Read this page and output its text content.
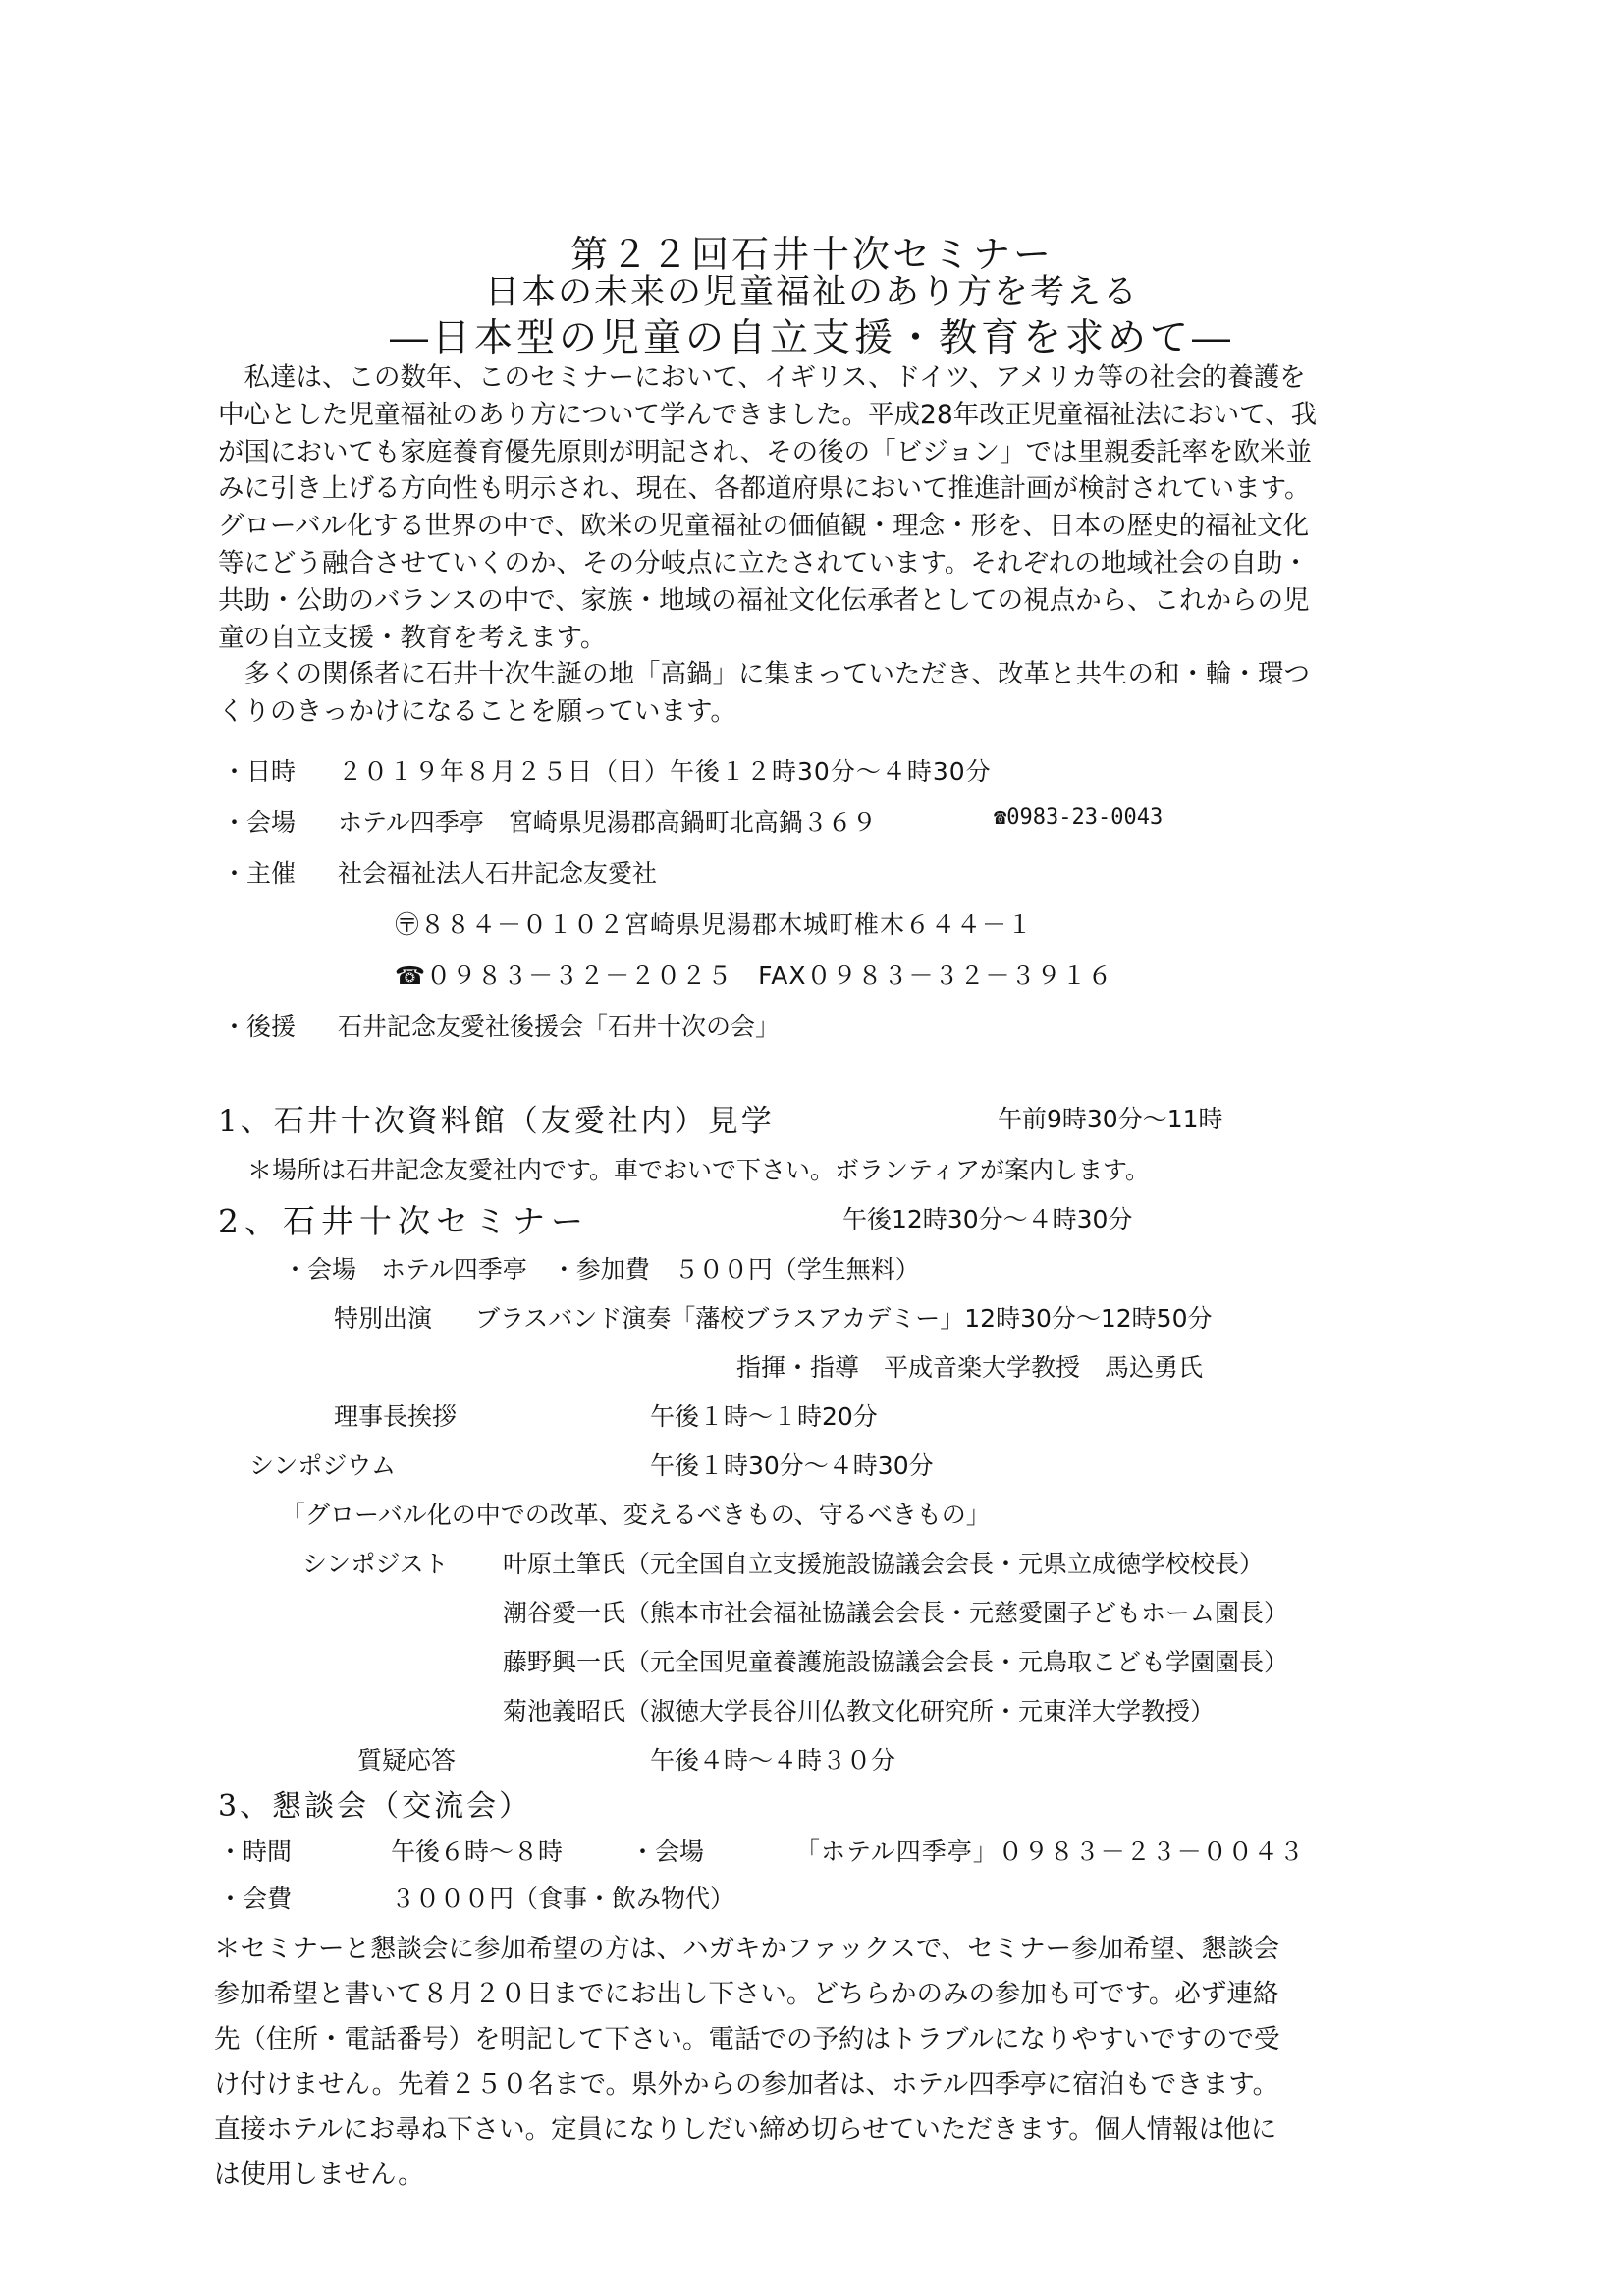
第２２回石井十次セミナー
日本の未来の児童福祉のあり方を考える
―日本型の児童の自立支援・教育を求めて―

　私達は、この数年、このセミナーにおいて、イギリス、ドイツ、アメリカ等の社会的養護を

中心とした児童福祉のあり方について学んできました。平成28年改正児童福祉法において、我

が国においても家庭養育優先原則が明記され、その後の「ビジョン」では里親委託率を欧米並

みに引き上げる方向性も明示され、現在、各都道府県において推進計画が検討されています。

グローバル化する世界の中で、欧米の児童福祉の価値観・理念・形を、日本の歴史的福祉文化

等にどう融合させていくのか、その分岐点に立たされています。それぞれの地域社会の自助・

共助・公助のバランスの中で、家族・地域の福祉文化伝承者としての視点から、これからの児

童の自立支援・教育を考えます。

　多くの関係者に石井十次生誕の地「高鍋」に集まっていただき、改革と共生の和・輪・環つ

くりのきっかけになることを願っています。

・日時 ２０１９年８月２５日（日）午後１２時30分～４時30分
・会場 ホテル四季亭　宮崎県児湯郡高鍋町北高鍋３６９	☎0983-23-0043
・主催 社会福祉法人石井記念友愛社
〶８８４－０１０２宮崎県児湯郡木城町椎木６４４－１
☎０９８３－３２－２０２５　FAX０９８３－３２－３９１６
・後援 石井記念友愛社後援会「石井十次の会」
1、石井十次資料館（友愛社内）見学	午前9時30分～11時
＊場所は石井記念友愛社内です。車でおいで下さい。ボランティアが案内します。
2、石井十次セミナー	午後12時30分～４時30分
・会場　ホテル四季亭　・参加費　５００円（学生無料）
特別出演 ブラスバンド演奏「藩校ブラスアカデミー」12時30分～12時50分
指揮・指導　平成音楽大学教授　馬込勇氏
理事長挨拶	午後１時～１時20分
シンポジウム	午後１時30分～４時30分
「グローバル化の中での改革、変えるべきもの、守るべきもの」
シンポジスト 叶原土筆氏（元全国自立支援施設協議会会長・元県立成徳学校校長）
潮谷愛一氏（熊本市社会福祉協議会会長・元慈愛園子どもホーム園長）
藤野興一氏（元全国児童養護施設協議会会長・元鳥取こども学園園長）
菊池義昭氏（淑徳大学長谷川仏教文化研究所・元東洋大学教授）
質疑応答	午後４時～４時３０分
3、懇談会（交流会）
・時間	午後６時～８時	・会場	「ホテル四季亭」０９８３－２３－００４３
・会費	３０００円（食事・飲み物代）

＊セミナーと懇談会に参加希望の方は、ハガキかファックスで、セミナー参加希望、懇談会

参加希望と書いて８月２０日までにお出し下さい。どちらかのみの参加も可です。必ず連絡

先（住所・電話番号）を明記して下さい。電話での予約はトラブルになりやすいですので受

け付けません。先着２５０名まで。県外からの参加者は、ホテル四季亭に宿泊もできます。

直接ホテルにお尋ね下さい。定員になりしだい締め切らせていただきます。個人情報は他に

は使用しません。
